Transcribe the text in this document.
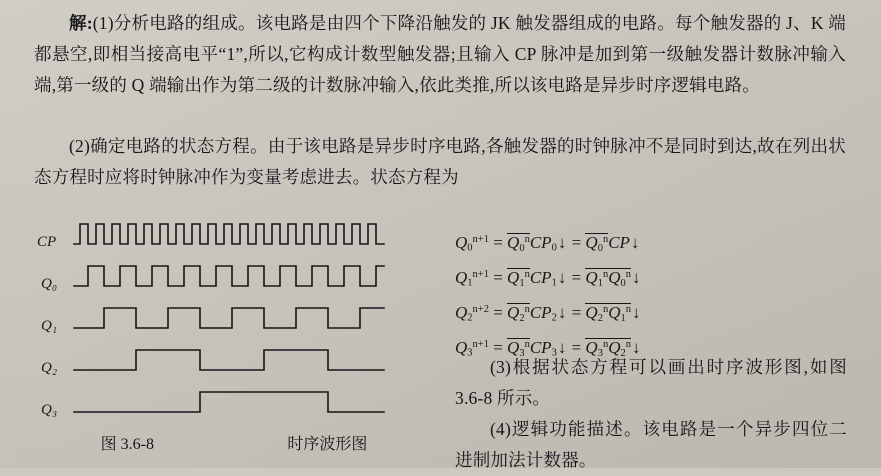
解:(1)分析电路的组成。该电路是由四个下降沿触发的 JK 触发器组成的电路。每个触发器的 J、K 端都悬空,即相当接高电平“1”,所以,它构成计数型触发器;且输入 CP 脉冲是加到第一级触发器计数脉冲输入端,第一级的 Q 端输出作为第二级的计数脉冲输入,依此类推,所以该电路是异步时序逻辑电路。
(2)确定电路的状态方程。由于该电路是异步时序电路,各触发器的时钟脉冲不是同时到达,故在列出状态方程时应将时钟脉冲作为变量考虑进去。状态方程为
$Q_0^{n+1}$ = $Q_0^nCP_0↓$ = $Q_0^nCP↓$
$Q_1^{n+1}$ = $Q_1^nCP_1↓$ = $Q_1^nQ_0^n↓$
$Q_2^{n+2}$ = $Q_2^nCP_2↓$ = $Q_2^nQ_1^n↓$
$Q_3^{n+1}$ = $Q_3^nCP_3↓$ = $Q_3^nQ_2^n↓$
(3)根据状态方程可以画出时序波形图,如图 3.6-8 所示。
(4)逻辑功能描述。该电路是一个异步四位二进制加法计数器。
CP
Q₀
Q₁
Q₂
Q₃
图 3.6-8	时序波形图
